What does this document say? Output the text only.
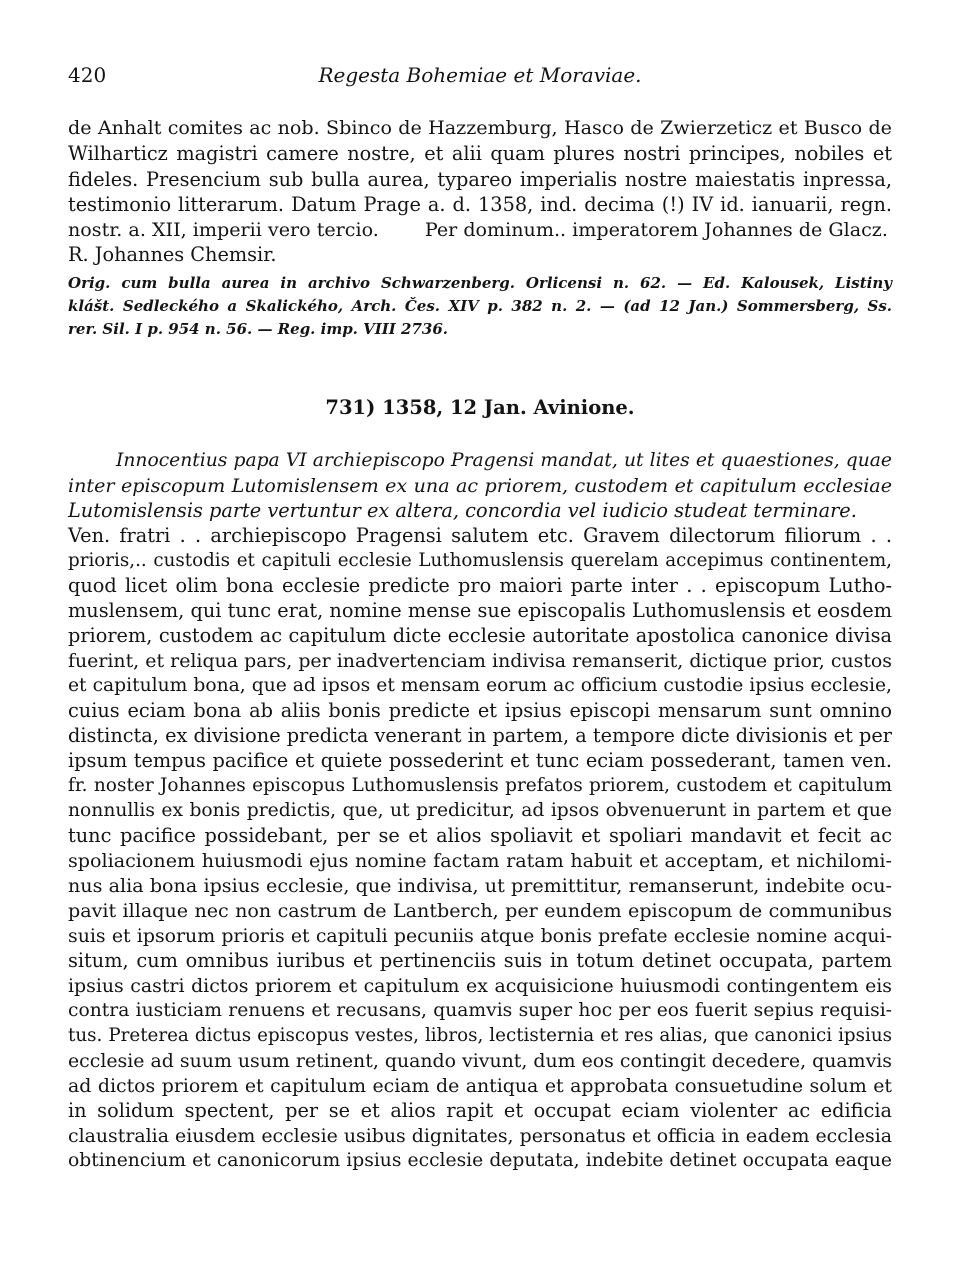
420	Regesta Bohemiae et Moraviae.
de Anhalt comites ac nob. Sbinco de Hazzemburg, Hasco de Zwierzeticz et Busco de
Wilharticz magistri camere nostre, et alii quam plures nostri principes, nobiles et
fideles. Presencium sub bulla aurea, typareo imperialis nostre maiestatis inpressa,
testimonio litterarum. Datum Prage a. d. 1358, ind. decima (!) IV id. ianuarii, regn.
nostr. a. XII, imperii vero tercio. Per dominum.. imperatorem Johannes de Glacz.
R. Johannes Chemsir.
Orig. cum bulla aurea in archivo Schwarzenberg. Orlicensi n. 62. — Ed. Kalousek, Listiny
klášt. Sedleckého a Skalického, Arch. Čes. XIV p. 382 n. 2. — (ad 12 Jan.) Sommersberg, Ss.
rer. Sil. I p. 954 n. 56. — Reg. imp. VIII 2736.
731) 1358, 12 Jan. Avinione.
Innocentius papa VI archiepiscopo Pragensi mandat, ut lites et quaestiones, quae
inter episcopum Lutomislensem ex una ac priorem, custodem et capitulum ecclesiae
Lutomislensis parte vertuntur ex altera, concordia vel iudicio studeat terminare.
Ven. fratri . . archiepiscopo Pragensi salutem etc. Gravem dilectorum filiorum . .
prioris,.. custodis et capituli ecclesie Luthomuslensis querelam accepimus continentem,
quod licet olim bona ecclesie predicte pro maiori parte inter . . episcopum Lutho-
muslensem, qui tunc erat, nomine mense sue episcopalis Luthomuslensis et eosdem
priorem, custodem ac capitulum dicte ecclesie autoritate apostolica canonice divisa
fuerint, et reliqua pars, per inadvertenciam indivisa remanserit, dictique prior, custos
et capitulum bona, que ad ipsos et mensam eorum ac officium custodie ipsius ecclesie,
cuius eciam bona ab aliis bonis predicte et ipsius episcopi mensarum sunt omnino
distincta, ex divisione predicta venerant in partem, a tempore dicte divisionis et per
ipsum tempus pacifice et quiete possederint et tunc eciam possederant, tamen ven.
fr. noster Johannes episcopus Luthomuslensis prefatos priorem, custodem et capitulum
nonnullis ex bonis predictis, que, ut predicitur, ad ipsos obvenuerunt in partem et que
tunc pacifice possidebant, per se et alios spoliavit et spoliari mandavit et fecit ac
spoliacionem huiusmodi ejus nomine factam ratam habuit et acceptam, et nichilomi-
nus alia bona ipsius ecclesie, que indivisa, ut premittitur, remanserunt, indebite ocu-
pavit illaque nec non castrum de Lantberch, per eundem episcopum de communibus
suis et ipsorum prioris et capituli pecuniis atque bonis prefate ecclesie nomine acqui-
situm, cum omnibus iuribus et pertinenciis suis in totum detinet occupata, partem
ipsius castri dictos priorem et capitulum ex acquisicione huiusmodi contingentem eis
contra iusticiam renuens et recusans, quamvis super hoc per eos fuerit sepius requisi-
tus. Preterea dictus episcopus vestes, libros, lectisternia et res alias, que canonici ipsius
ecclesie ad suum usum retinent, quando vivunt, dum eos contingit decedere, quamvis
ad dictos priorem et capitulum eciam de antiqua et approbata consuetudine solum et
in solidum spectent, per se et alios rapit et occupat eciam violenter ac edificia
claustralia eiusdem ecclesie usibus dignitates, personatus et officia in eadem ecclesia
obtinencium et canonicorum ipsius ecclesie deputata, indebite detinet occupata eaque
